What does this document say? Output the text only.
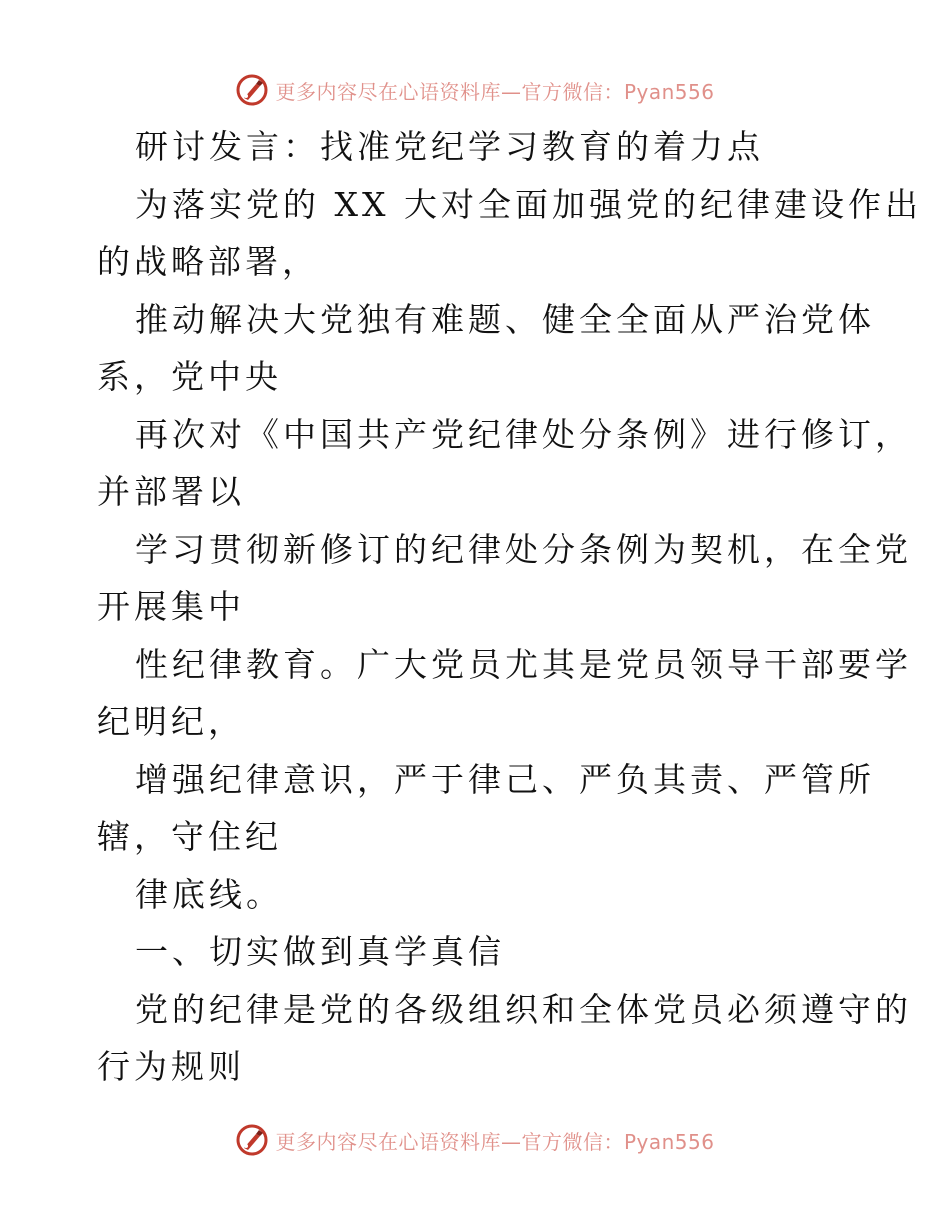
更多内容尽在心语资料库—官方微信：Pyan556
研讨发言：找准党纪学习教育的着力点
为落实党的 XX 大对全面加强党的纪律建设作出
的战略部署，
推动解决大党独有难题、健全全面从严治党体
系，党中央
再次对《中国共产党纪律处分条例》进行修订，
并部署以
学习贯彻新修订的纪律处分条例为契机，在全党
开展集中
性纪律教育。广大党员尤其是党员领导干部要学
纪明纪，
增强纪律意识，严于律己、严负其责、严管所
辖，守住纪
律底线。
一、切实做到真学真信
党的纪律是党的各级组织和全体党员必须遵守的
行为规则
更多内容尽在心语资料库—官方微信：Pyan556
